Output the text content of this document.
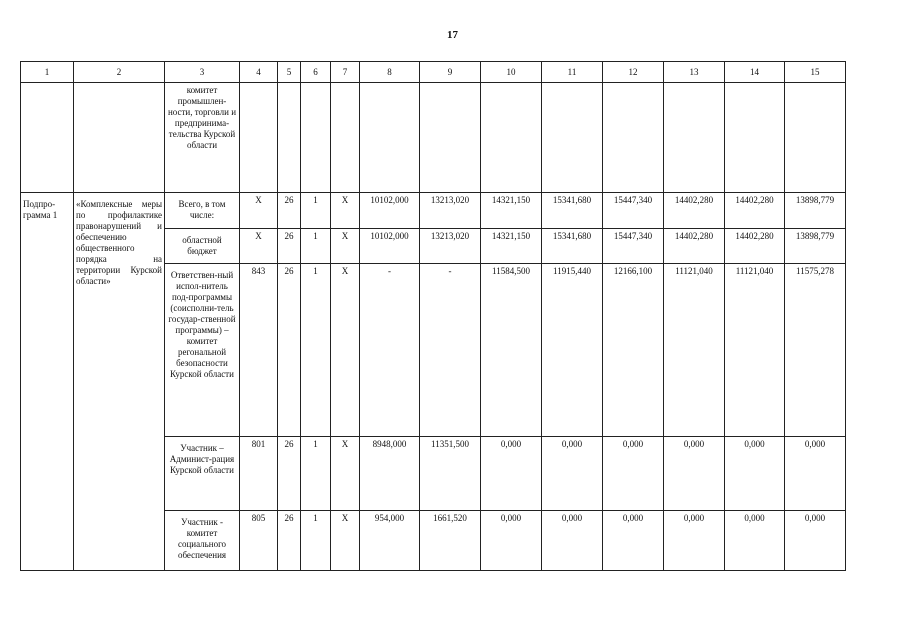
17
1	2	3	4	5	6	7	8	9	10	11	12	13	14	15
		комитет промышлен-ности, торговли и предпринима-тельства Курской области												
Подпро-грамма 1	«Комплексные меры по профилактике правонарушений и обеспечению общественного порядка на территории Курской области»	Всего, в том числе:	Х	26	1	Х	10102,000	13213,020	14321,150	15341,680	15447,340	14402,280	14402,280	13898,779
		областной бюджет	Х	26	1	Х	10102,000	13213,020	14321,150	15341,680	15447,340	14402,280	14402,280	13898,779
		Ответствен-ный испол-нитель под-программы (соисполни-тель государ-ственной программы) – комитет регональной безопасности Курской области	843	26	1	Х	-	-	11584,500	11915,440	12166,100	11121,040	11121,040	11575,278
		Участник – Админист-рация Курской области	801	26	1	Х	8948,000	11351,500	0,000	0,000	0,000	0,000	0,000	0,000
		Участник - комитет социального обеспечения	805	26	1	Х	954,000	1661,520	0,000	0,000	0,000	0,000	0,000	0,000
